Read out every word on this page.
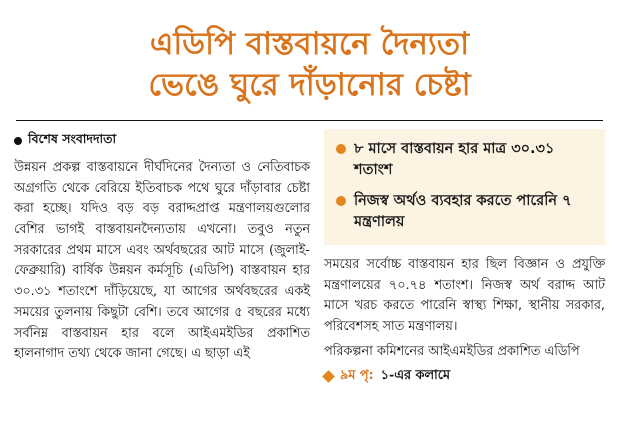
এডিপি বাস্তবায়নে দৈন্যতা
ভেঙে ঘুরে দাঁড়ানোর চেষ্টা
বিশেষ সংবাদদাতা

উন্নয়ন প্রকল্প বাস্তবায়নে দীর্ঘদিনের দৈন্যতা ও নেতিবাচক অগ্রগতি থেকে বেরিয়ে ইতিবাচক পথে ঘুরে দাঁড়াবার চেষ্টা করা হচ্ছে। যদিও বড় বড় বরাদ্দপ্রাপ্ত মন্ত্রণালয়গুলোর বেশির ভাগই বাস্তবায়নদৈন্যতায় এখনো। তবুও নতুন সরকারের প্রথম মাসে এবং অর্থবছরের আট মাসে (জুলাই-ফেব্রুয়ারি) বার্ষিক উন্নয়ন কর্মসূচি (এডিপি) বাস্তবায়ন হার ৩০.৩১ শতাংশে দাঁড়িয়েছে, যা আগের অর্থবছরের একই সময়ের তুলনায় কিছুটা বেশি। তবে আগের ৫ বছরের মধ্যে সর্বনিম্ন বাস্তবায়ন হার বলে আইএমইডির প্রকাশিত হালনাগাদ তথ্য থেকে জানা গেছে। এ ছাড়া এই

৮ মাসে বাস্তবায়ন হার মাত্র ৩০.৩১ শতাংশ
নিজস্ব অর্থও ব্যবহার করতে পারেনি ৭ মন্ত্রণালয়

সময়ের সর্বোচ্চ বাস্তবায়ন হার ছিল বিজ্ঞান ও প্রযুক্তি মন্ত্রণালয়ের ৭০.৭৪ শতাংশ। নিজস্ব অর্থ বরাদ্দ আট মাসে খরচ করতে পারেনি স্বাস্থ্য শিক্ষা, স্থানীয় সরকার, পরিবেশসহ সাত মন্ত্রণালয়।

পরিকল্পনা কমিশনের আইএমইডির প্রকাশিত এডিপি

৯ম পৃ: ১-এর কলামে
